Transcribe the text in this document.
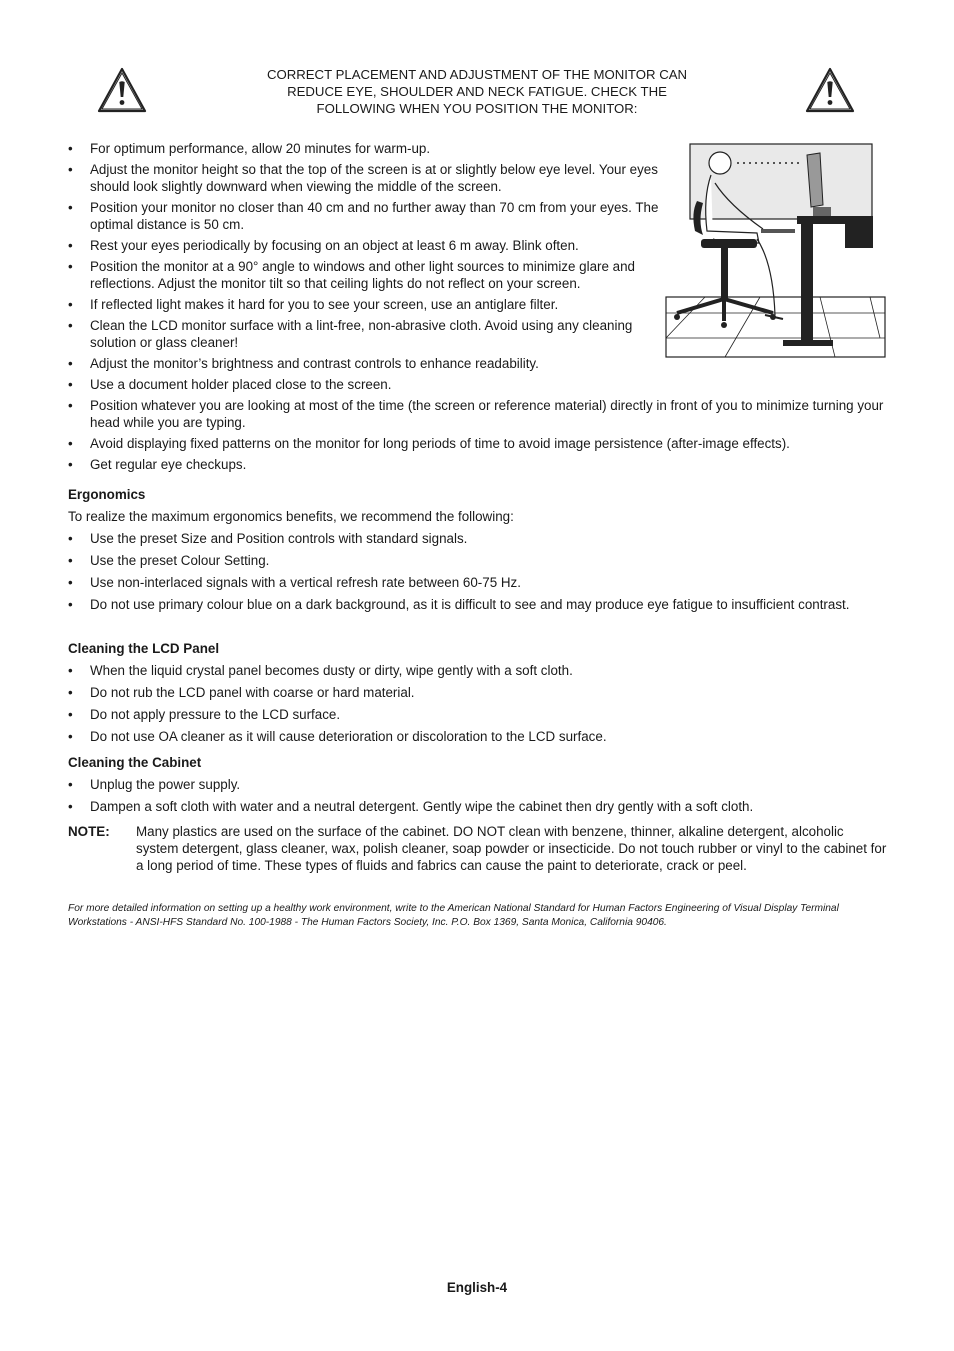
CORRECT PLACEMENT AND ADJUSTMENT OF THE MONITOR CAN
REDUCE EYE, SHOULDER AND NECK FATIGUE. CHECK THE
FOLLOWING WHEN YOU POSITION THE MONITOR:
• For optimum performance, allow 20 minutes for warm-up.
• Adjust the monitor height so that the top of the screen is at or slightly below eye level. Your eyes should look slightly downward when viewing the middle of the screen.
• Position your monitor no closer than 40 cm and no further away than 70 cm from your eyes. The optimal distance is 50 cm.
• Rest your eyes periodically by focusing on an object at least 6 m away. Blink often.
• Position the monitor at a 90° angle to windows and other light sources to minimize glare and reflections. Adjust the monitor tilt so that ceiling lights do not reflect on your screen.
• If reflected light makes it hard for you to see your screen, use an antiglare filter.
• Clean the LCD monitor surface with a lint-free, non-abrasive cloth. Avoid using any cleaning solution or glass cleaner!
• Adjust the monitor’s brightness and contrast controls to enhance readability.
• Use a document holder placed close to the screen.
• Position whatever you are looking at most of the time (the screen or reference material) directly in front of you to minimize turning your head while you are typing.
• Avoid displaying fixed patterns on the monitor for long periods of time to avoid image persistence (after-image effects).
• Get regular eye checkups.
Ergonomics
To realize the maximum ergonomics benefits, we recommend the following:
• Use the preset Size and Position controls with standard signals.
• Use the preset Colour Setting.
• Use non-interlaced signals with a vertical refresh rate between 60-75 Hz.
• Do not use primary colour blue on a dark background, as it is difficult to see and may produce eye fatigue to insufficient contrast.
Cleaning the LCD Panel
• When the liquid crystal panel becomes dusty or dirty, wipe gently with a soft cloth.
• Do not rub the LCD panel with coarse or hard material.
• Do not apply pressure to the LCD surface.
• Do not use OA cleaner as it will cause deterioration or discoloration to the LCD surface.
Cleaning the Cabinet
• Unplug the power supply.
• Dampen a soft cloth with water and a neutral detergent. Gently wipe the cabinet then dry gently with a soft cloth.
NOTE: Many plastics are used on the surface of the cabinet. DO NOT clean with benzene, thinner, alkaline detergent, alcoholic system detergent, glass cleaner, wax, polish cleaner, soap powder or insecticide. Do not touch rubber or vinyl to the cabinet for a long period of time. These types of fluids and fabrics can cause the paint to deteriorate, crack or peel.
For more detailed information on setting up a healthy work environment, write to the American National Standard for Human Factors Engineering of Visual Display Terminal Workstations - ANSI-HFS Standard No. 100-1988 - The Human Factors Society, Inc. P.O. Box 1369, Santa Monica, California 90406.
English-4
